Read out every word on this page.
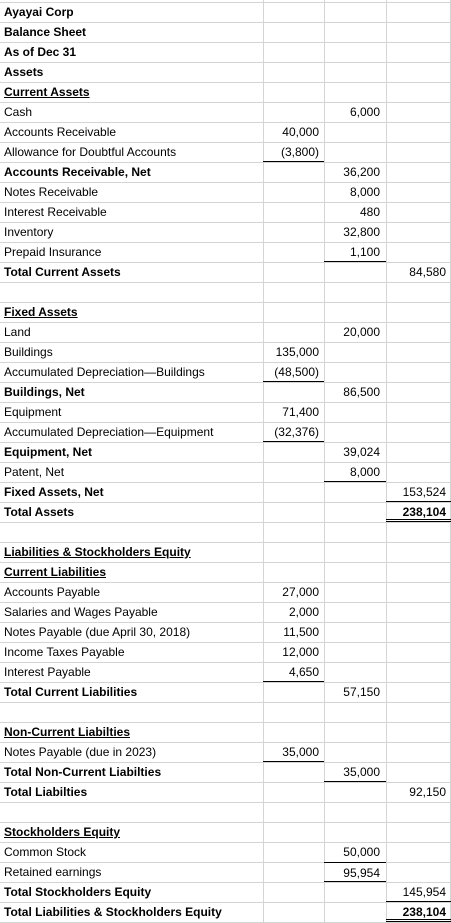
Ayayai Corp
Balance Sheet
As of Dec 31
Assets
Current Assets
Cash	6,000
Accounts Receivable	40,000
Allowance for Doubtful Accounts	(3,800)
Accounts Receivable, Net	36,200
Notes Receivable	8,000
Interest Receivable	480
Inventory	32,800
Prepaid Insurance	1,100
Total Current Assets	84,580
Fixed Assets
Land	20,000
Buildings	135,000
Accumulated Depreciation—Buildings	(48,500)
Buildings, Net	86,500
Equipment	71,400
Accumulated Depreciation—Equipment	(32,376)
Equipment, Net	39,024
Patent, Net	8,000
Fixed Assets, Net	153,524
Total Assets	238,104
Liabilities & Stockholders Equity
Current Liabilities
Accounts Payable	27,000
Salaries and Wages Payable	2,000
Notes Payable (due April 30, 2018)	11,500
Income Taxes Payable	12,000
Interest Payable	4,650
Total Current Liabilities	57,150
Non-Current Liabilties
Notes Payable (due in 2023)	35,000
Total Non-Current Liabilties	35,000
Total Liabilties	92,150
Stockholders Equity
Common Stock	50,000
Retained earnings	95,954
Total Stockholders Equity	145,954
Total Liabilities & Stockholders Equity	238,104
